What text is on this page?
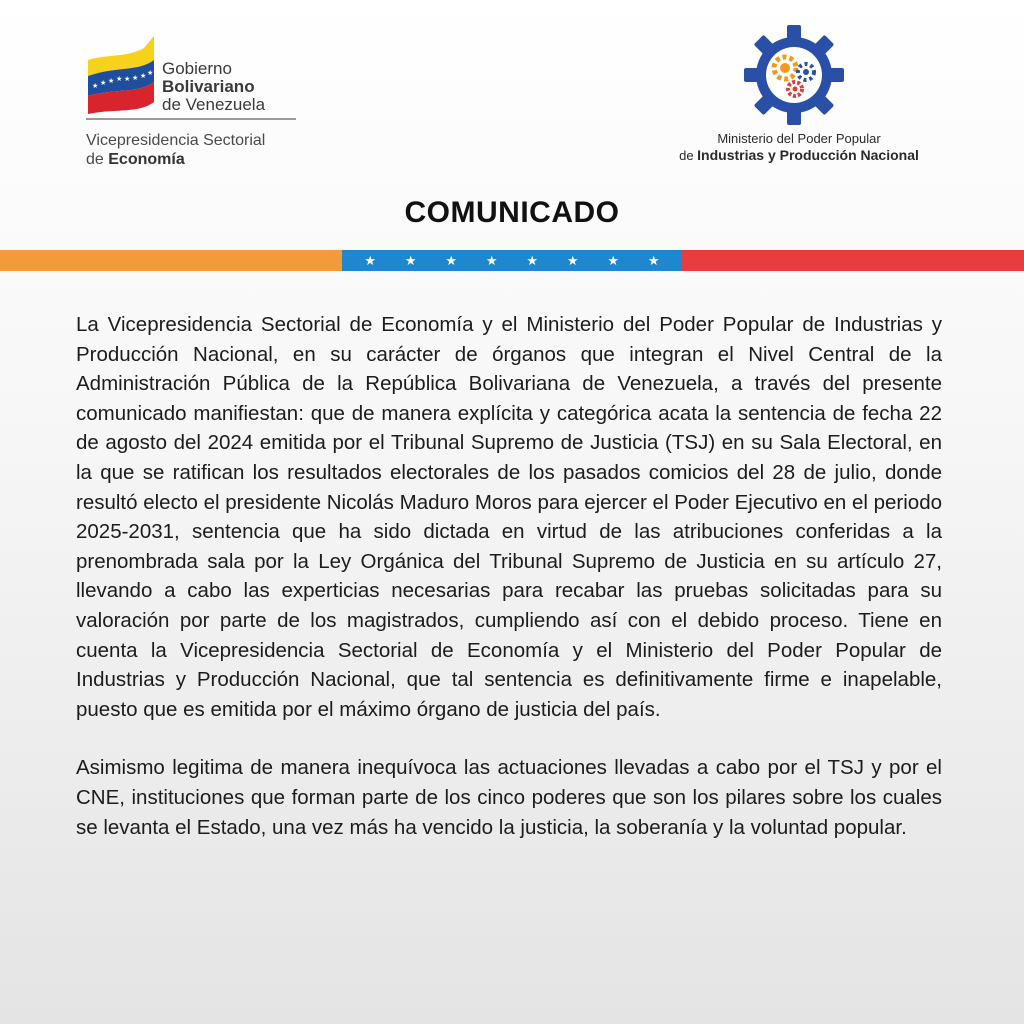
★ ★ ★ ★ ★ ★ ★ ★ Gobierno
Bolivariano
de Venezuela
Vicepresidencia Sectorial
de Economía
Ministerio del Poder Popular
de Industrias y Producción Nacional
COMUNICADO
★ ★ ★ ★ ★ ★ ★ ★

La Vicepresidencia Sectorial de Economía y el Ministerio del Poder Popular de Industrias y Producción Nacional, en su carácter de órganos que integran el Nivel Central de la Administración Pública de la República Bolivariana de Venezuela, a través del presente comunicado manifiestan: que de manera explícita y categórica acata la sentencia de fecha 22 de agosto del 2024 emitida por el Tribunal Supremo de Justicia (TSJ) en su Sala Electoral, en la que se ratifican los resultados electorales de los pasados comicios del 28 de julio, donde resultó electo el presidente Nicolás Maduro Moros para ejercer el Poder Ejecutivo en el periodo 2025-2031, sentencia que ha sido dictada en virtud de las atribuciones conferidas a la prenombrada sala por la Ley Orgánica del Tribunal Supremo de Justicia en su artículo 27, llevando a cabo las experticias necesarias para recabar las pruebas solicitadas para su valoración por parte de los magistrados, cumpliendo así con el debido proceso. Tiene en cuenta la Vicepresidencia Sectorial de Economía y el Ministerio del Poder Popular de Industrias y Producción Nacional, que tal sentencia es definitivamente firme e inapelable, puesto que es emitida por el máximo órgano de justicia del país.

Asimismo legitima de manera inequívoca las actuaciones llevadas a cabo por el TSJ y por el CNE, instituciones que forman parte de los cinco poderes que son los pilares sobre los cuales se levanta el Estado, una vez más ha vencido la justicia, la soberanía y la voluntad popular.
